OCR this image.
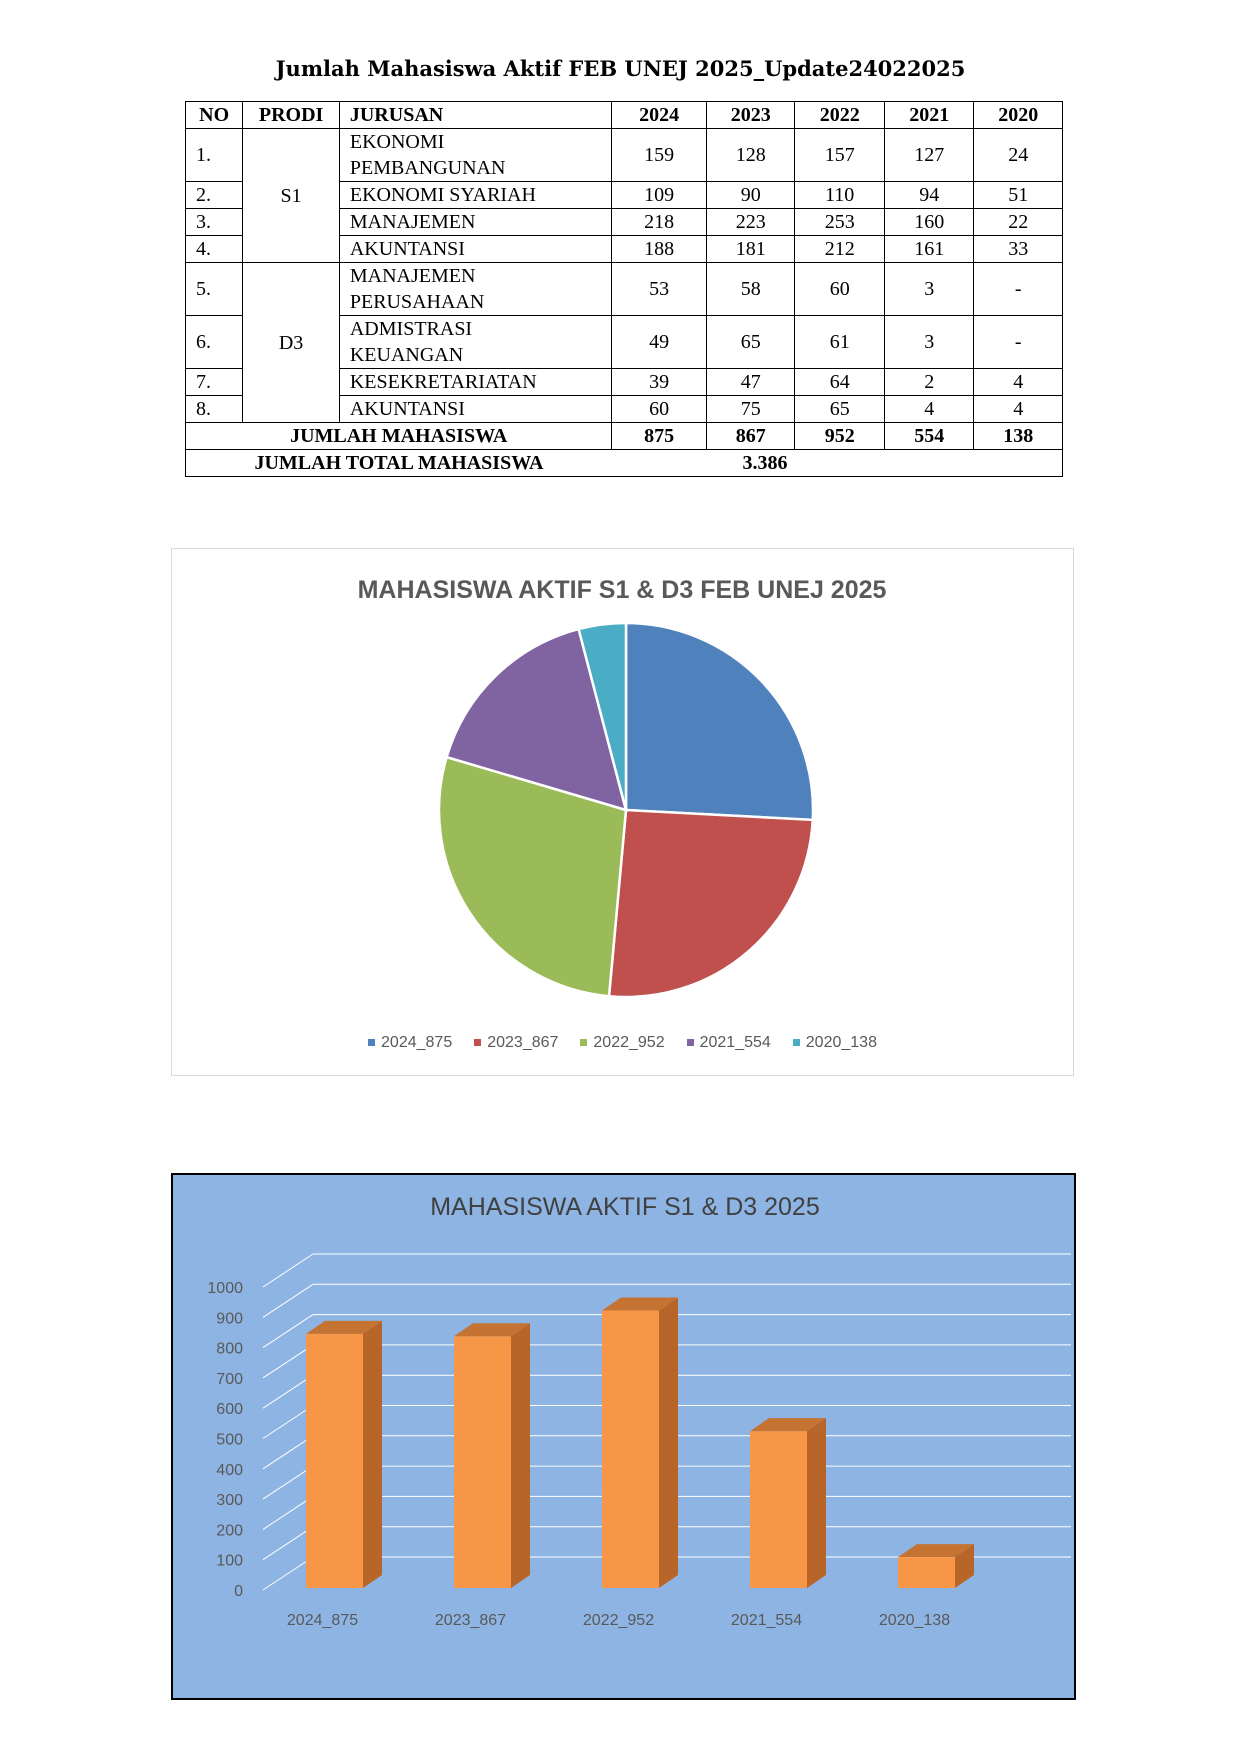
Jumlah Mahasiswa Aktif FEB UNEJ 2025_Update24022025
NO	PRODI	JURUSAN	2024	2023	2022	2021	2020
1.	S1	EKONOMI
PEMBANGUNAN	159	128	157	127	24
2.		EKONOMI SYARIAH	109	90	110	94	51
3.		MANAJEMEN	218	223	253	160	22
4.		AKUNTANSI	188	181	212	161	33
5.	D3	MANAJEMEN
PERUSAHAAN	53	58	60	3	-
6.		ADMISTRASI
KEUANGAN	49	65	61	3	-
7.		KESEKRETARIATAN	39	47	64	2	4
8.		AKUNTANSI	60	75	65	4	4
JUMLAH MAHASISWA			875	867	952	554	138
JUMLAH TOTAL MAHASISWA			3.386				
MAHASISWA AKTIF S1 & D3 FEB UNEJ 2025
2024_875 2023_867 2022_952 2021_554 2020_138
MAHASISWA AKTIF S1 & D3 2025
0
100
200
300
400
500
600
700
800
900
1000
2024_875	2023_867	2022_952	2021_554	2020_138
